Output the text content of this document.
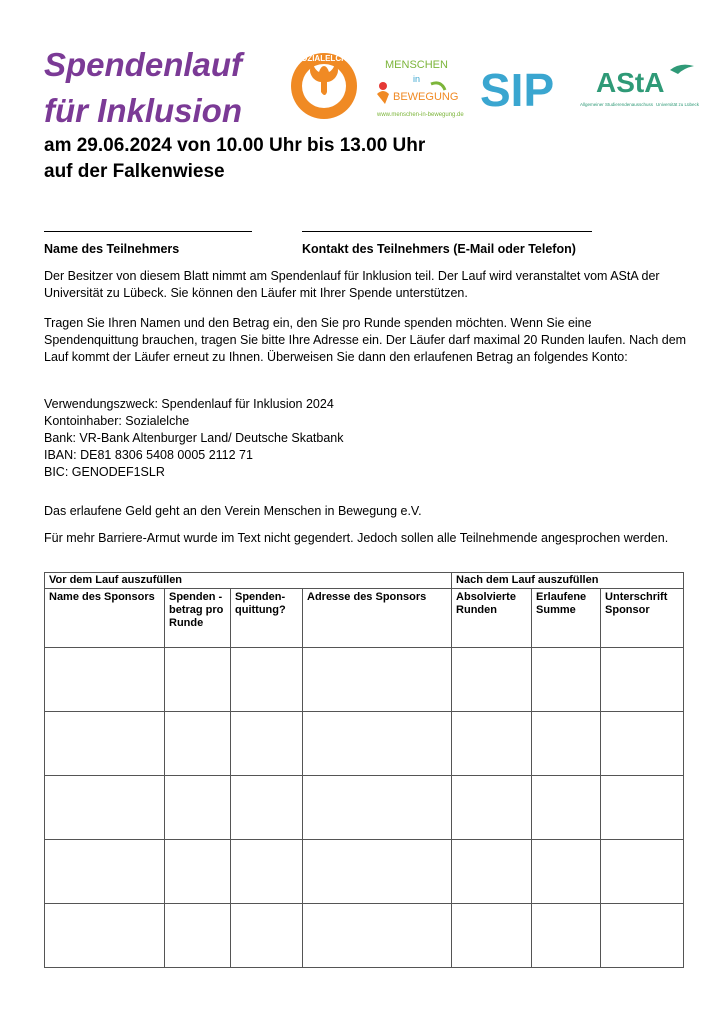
Spendenlauf
für Inklusion
SOZIALELCHE
MENSCHEN
in
BEWEGUNG
www.menschen-in-bewegung.de SIP AStA
Allgemeiner Studierendenausschuss Universität zu Lübeck
am 29.06.2024 von 10.00 Uhr bis 13.00 Uhr
auf der Falkenwiese
Name des Teilnehmers	Kontakt des Teilnehmers (E-Mail oder Telefon)

Der Besitzer von diesem Blatt nimmt am Spendenlauf für Inklusion teil. Der Lauf wird veranstaltet vom AStA der Universität zu Lübeck. Sie können den Läufer mit Ihrer Spende unterstützen.

Tragen Sie Ihren Namen und den Betrag ein, den Sie pro Runde spenden möchten. Wenn Sie eine Spendenquittung brauchen, tragen Sie bitte Ihre Adresse ein. Der Läufer darf maximal 20 Runden laufen. Nach dem Lauf kommt der Läufer erneut zu Ihnen. Überweisen Sie dann den erlaufenen Betrag an folgendes Konto:

Verwendungszweck: Spendenlauf für Inklusion 2024
Kontoinhaber: Sozialelche
Bank: VR-Bank Altenburger Land/ Deutsche Skatbank
IBAN: DE81 8306 5408 0005 2112 71
BIC: GENODEF1SLR

Das erlaufene Geld geht an den Verein Menschen in Bewegung e.V.

Für mehr Barriere-Armut wurde im Text nicht gegendert. Jedoch sollen alle Teilnehmende angesprochen werden.

Vor dem Lauf auszufüllen				Nach dem Lauf auszufüllen		
Name des Sponsors	Spenden -betrag pro Runde	Spenden- quittung?	Adresse des Sponsors	Absolvierte Runden	Erlaufene Summe	Unterschrift Sponsor
